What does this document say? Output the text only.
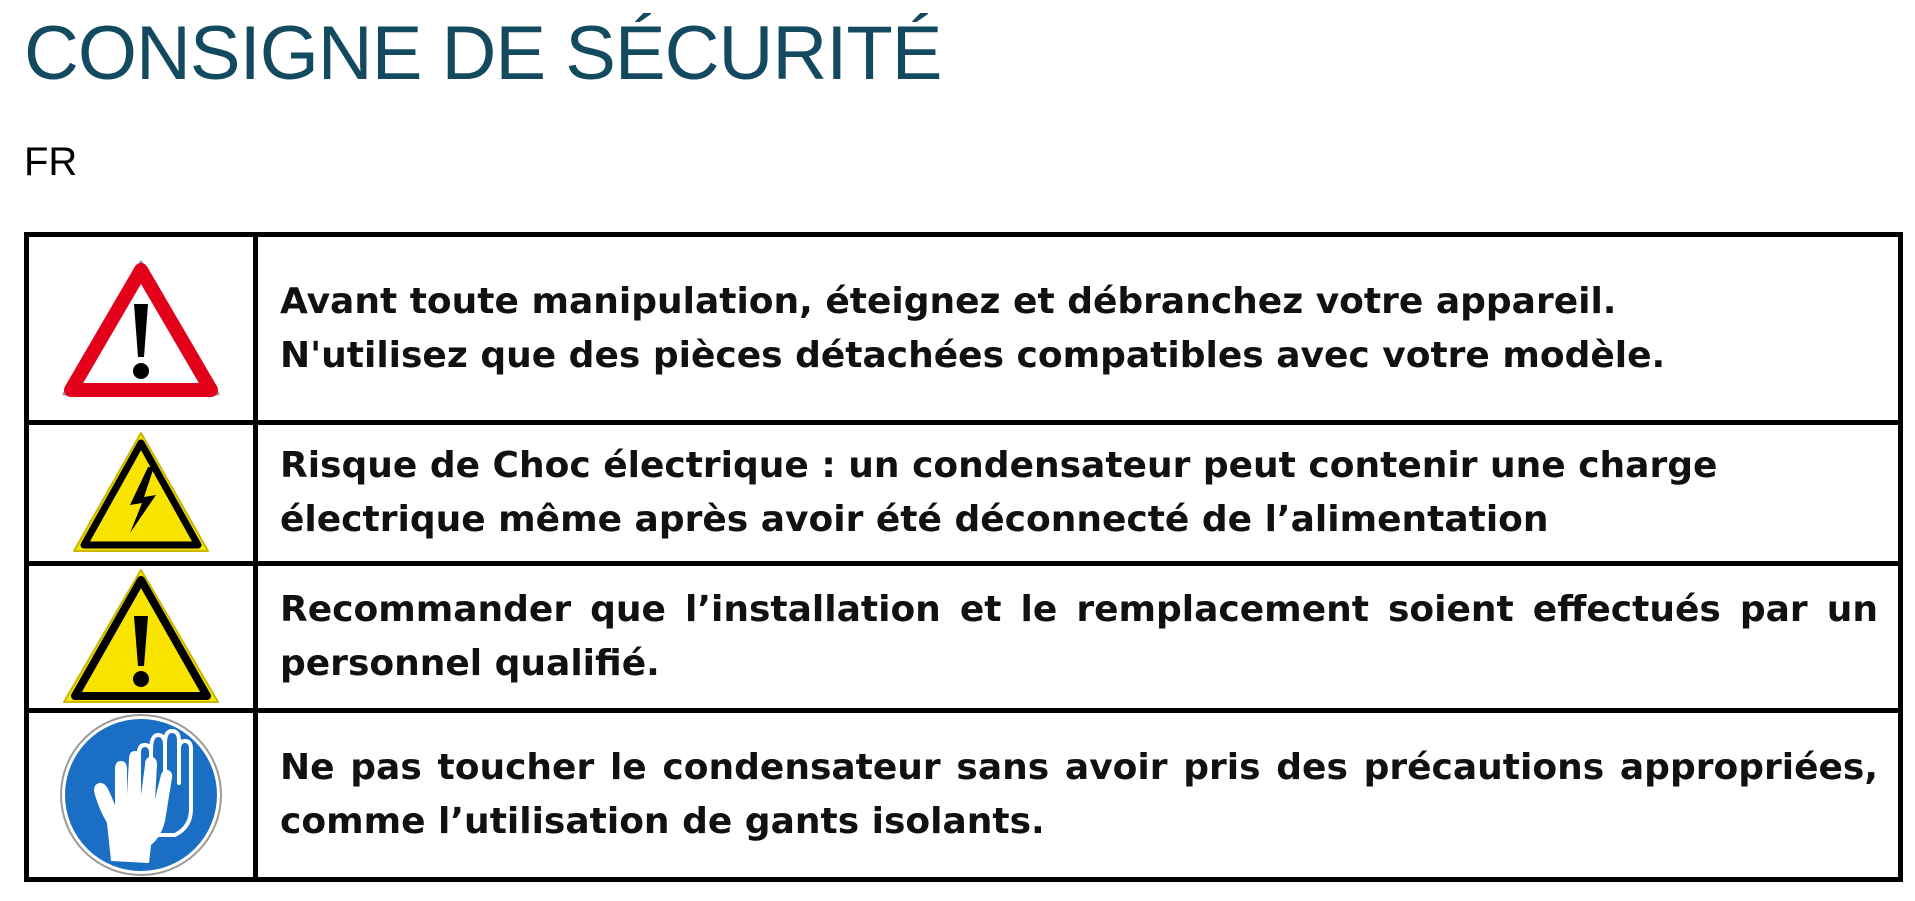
CONSIGNE DE SÉCURITÉ
FR

Avant toute manipulation, éteignez et débranchez votre appareil.
N'utilisez que des pièces détachées compatibles avec votre modèle.

	Risque de Choc électrique : un condensateur peut contenir une charge électrique même après avoir été déconnecté de l’alimentation

	Recommander que l’installation et le remplacement soient effectués par un personnel qualifié.

	Ne pas toucher le condensateur sans avoir pris des précautions appropriées, comme l’utilisation de gants isolants.
